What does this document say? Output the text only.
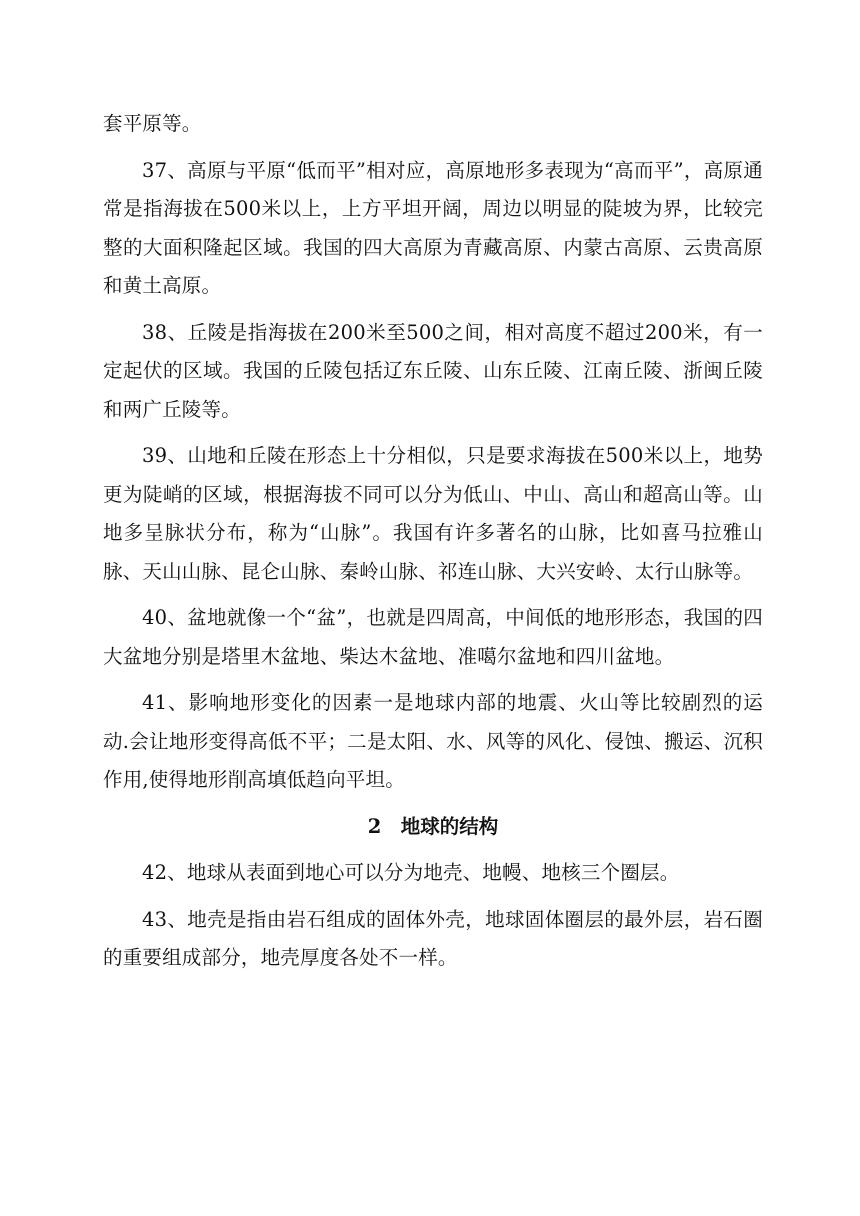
套平原等。

37、高原与平原“低而平”相对应，高原地形多表现为“高而平”，高原通常是指海拔在500米以上，上方平坦开阔，周边以明显的陡坡为界，比较完整的大面积隆起区域。我国的四大高原为青藏高原、内蒙古高原、云贵高原和黄土高原。

38、丘陵是指海拔在200米至500之间，相对高度不超过200米，有一定起伏的区域。我国的丘陵包括辽东丘陵、山东丘陵、江南丘陵、浙闽丘陵和两广丘陵等。

39、山地和丘陵在形态上十分相似，只是要求海拔在500米以上，地势更为陡峭的区域，根据海拔不同可以分为低山、中山、高山和超高山等。山地多呈脉状分布，称为“山脉”。我国有许多著名的山脉，比如喜马拉雅山脉、天山山脉、昆仑山脉、秦岭山脉、祁连山脉、大兴安岭、太行山脉等。

40、盆地就像一个“盆”，也就是四周高，中间低的地形形态，我国的四大盆地分别是塔里木盆地、柴达木盆地、准噶尔盆地和四川盆地。

41、影响地形变化的因素一是地球内部的地震、火山等比较剧烈的运动.会让地形变得高低不平；二是太阳、水、风等的风化、侵蚀、搬运、沉积作用,使得地形削高填低趋向平坦。

2　地球的结构

42、地球从表面到地心可以分为地壳、地幔、地核三个圈层。

43、地壳是指由岩石组成的固体外壳，地球固体圈层的最外层，岩石圈的重要组成部分，地壳厚度各处不一样。
